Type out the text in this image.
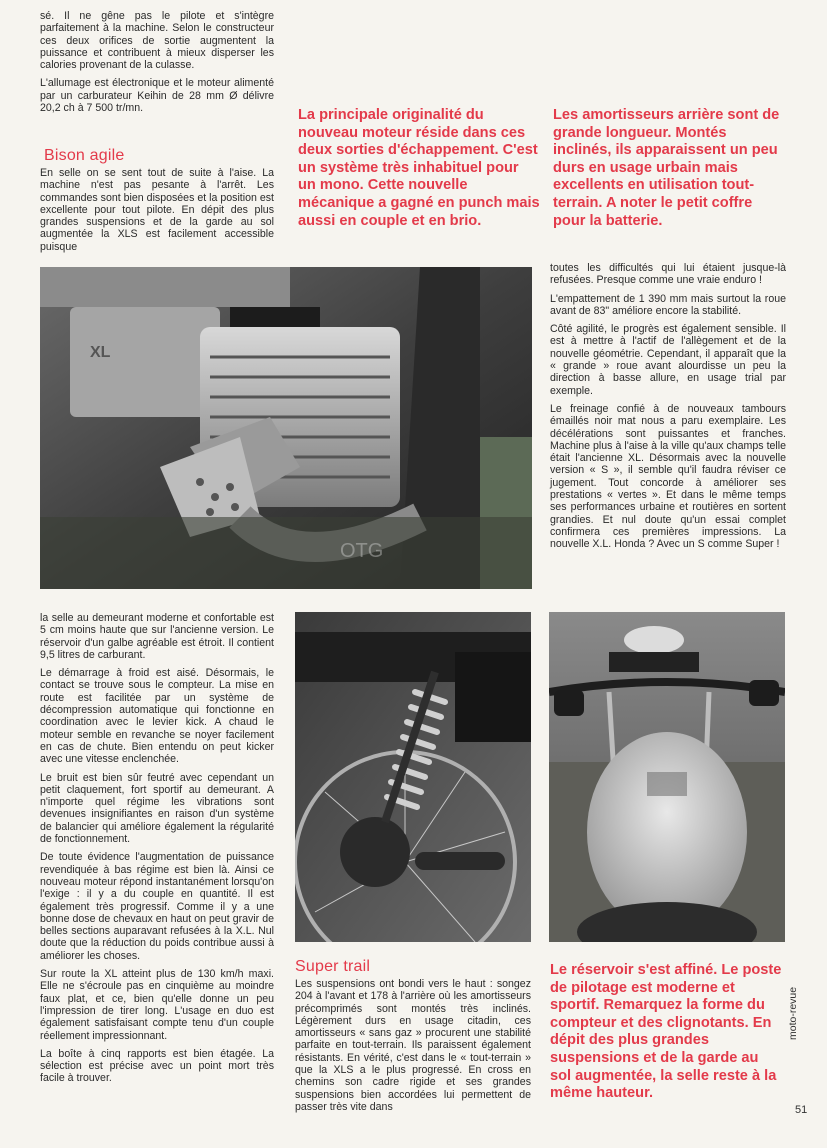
sé. Il ne gêne pas le pilote et s'intègre parfaitement à la machine. Selon le constructeur ces deux orifices de sortie augmentent la puissance et contribuent à mieux disperser les calories provenant de la culasse.

L'allumage est électronique et le moteur alimenté par un carburateur Keihin de 28 mm Ø délivre 20,2 ch à 7 500 tr/mn.

Bison agile

En selle on se sent tout de suite à l'aise. La machine n'est pas pesante à l'arrêt. Les commandes sont bien disposées et la position est excellente pour tout pilote. En dépit des plus grandes suspensions et de la garde au sol augmentée la XLS est facilement accessible puisque

La principale originalité du nouveau moteur réside dans ces deux sorties d'échappement. C'est un système très inhabituel pour un mono. Cette nouvelle mécanique a gagné en punch mais aussi en couple et en brio.

Les amortisseurs arrière sont de grande longueur. Montés inclinés, ils apparaissent un peu durs en usage urbain mais excellents en utilisation tout-terrain. A noter le petit coffre pour la batterie.

XL
OTG

toutes les difficultés qui lui étaient jusque-là refusées. Presque comme une vraie enduro !

L'empattement de 1 390 mm mais surtout la roue avant de 83" améliore encore la stabilité.

Côté agilité, le progrès est également sensible. Il est à mettre à l'actif de l'allègement et de la nouvelle géométrie. Cependant, il apparaît que la « grande » roue avant alourdisse un peu la direction à basse allure, en usage trial par exemple.

Le freinage confié à de nouveaux tambours émaillés noir mat nous a paru exemplaire. Les décélérations sont puissantes et franches. Machine plus à l'aise à la ville qu'aux champs telle était l'ancienne XL. Désormais avec la nouvelle version « S », il semble qu'il faudra réviser ce jugement. Tout concorde à améliorer ses prestations « vertes ». Et dans le même temps ses performances urbaine et routières en sortent grandies. Et nul doute qu'un essai complet confirmera ces premières impressions. La nouvelle X.L. Honda ? Avec un S comme Super !

la selle au demeurant moderne et confortable est 5 cm moins haute que sur l'ancienne version. Le réservoir d'un galbe agréable est étroit. Il contient 9,5 litres de carburant.

Le démarrage à froid est aisé. Désormais, le contact se trouve sous le compteur. La mise en route est facilitée par un système de décompression automatique qui fonctionne en coordination avec le levier kick. A chaud le moteur semble en revanche se noyer facilement en cas de chute. Bien entendu on peut kicker avec une vitesse enclenchée.

Le bruit est bien sûr feutré avec cependant un petit claquement, fort sportif au demeurant. A n'importe quel régime les vibrations sont devenues insignifiantes en raison d'un système de balancier qui améliore également la régularité de fonctionnement.

De toute évidence l'augmentation de puissance revendiquée à bas régime est bien là. Ainsi ce nouveau moteur répond instantanément lorsqu'on l'exige : il y a du couple en quantité. Il est également très progressif. Comme il y a une bonne dose de chevaux en haut on peut gravir de belles sections auparavant refusées à la X.L. Nul doute que la réduction du poids contribue aussi à améliorer les choses.

Sur route la XL atteint plus de 130 km/h maxi. Elle ne s'écroule pas en cinquième au moindre faux plat, et ce, bien qu'elle donne un peu l'impression de tirer long. L'usage en duo est également satisfaisant compte tenu d'un couple réellement impressionnant.

La boîte à cinq rapports est bien étagée. La sélection est précise avec un point mort très facile à trouver.

Super trail

Les suspensions ont bondi vers le haut : songez 204 à l'avant et 178 à l'arrière où les amortisseurs précomprimés sont montés très inclinés. Légèrement durs en usage citadin, ces amortisseurs « sans gaz » procurent une stabilité parfaite en tout-terrain. Ils paraissent également résistants. En vérité, c'est dans le « tout-terrain » que la XLS a le plus progressé. En cross en chemins son cadre rigide et ses grandes suspensions bien accordées lui permettent de passer très vite dans

Le réservoir s'est affiné. Le poste de pilotage est moderne et sportif. Remarquez la forme du compteur et des clignotants. En dépit des plus grandes suspensions et de la garde au sol augmentée, la selle reste à la même hauteur.

moto-revue
51
